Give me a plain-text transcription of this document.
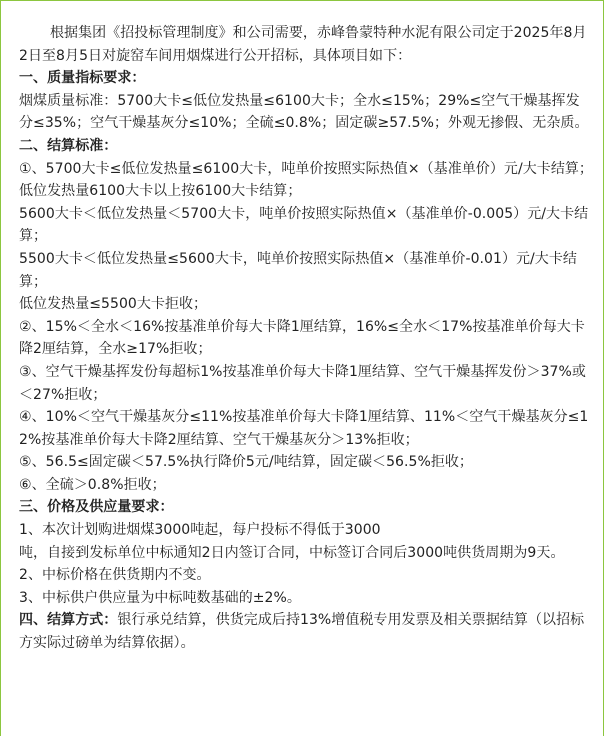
根据集团《招投标管理制度》和公司需要，赤峰鲁蒙特种水泥有限公司定于2025年8月2日至8月5日对旋窑车间用烟煤进行公开招标，具体项目如下：

一、质量指标要求：

烟煤质量标准：5700大卡≤低位发热量≤6100大卡；全水≤15%；29%≤空气干燥基挥发分≤35%；空气干燥基灰分≤10%；全硫≤0.8%；固定碳≥57.5%；外观无掺假、无杂质。

二、结算标准：

①、5700大卡≤低位发热量≤6100大卡，吨单价按照实际热值×（基准单价）元/大卡结算；低位发热量6100大卡以上按6100大卡结算；

5600大卡＜低位发热量＜5700大卡，吨单价按照实际热值×（基准单价-0.005）元/大卡结算；

5500大卡＜低位发热量≤5600大卡，吨单价按照实际热值×（基准单价-0.01）元/大卡结算；

低位发热量≤5500大卡拒收；

②、15%＜全水＜16%按基准单价每大卡降1厘结算，16%≤全水＜17%按基准单价每大卡降2厘结算，全水≥17%拒收；

③、空气干燥基挥发份每超标1%按基准单价每大卡降1厘结算、空气干燥基挥发份＞37%或＜27%拒收；

④、10%＜空气干燥基灰分≤11%按基准单价每大卡降1厘结算、11%＜空气干燥基灰分≤12%按基准单价每大卡降2厘结算、空气干燥基灰分＞13%拒收；

⑤、56.5≤固定碳＜57.5%执行降价5元/吨结算，固定碳＜56.5%拒收；

⑥、全硫＞0.8%拒收；

三、价格及供应量要求：

1、本次计划购进烟煤3000吨起，每户投标不得低于3000

吨，自接到发标单位中标通知2日内签订合同，中标签订合同后3000吨供货周期为9天。

2、中标价格在供货期内不变。

3、中标供户供应量为中标吨数基础的±2%。

四、结算方式：银行承兑结算，供货完成后持13%增值税专用发票及相关票据结算（以招标方实际过磅单为结算依据）。
